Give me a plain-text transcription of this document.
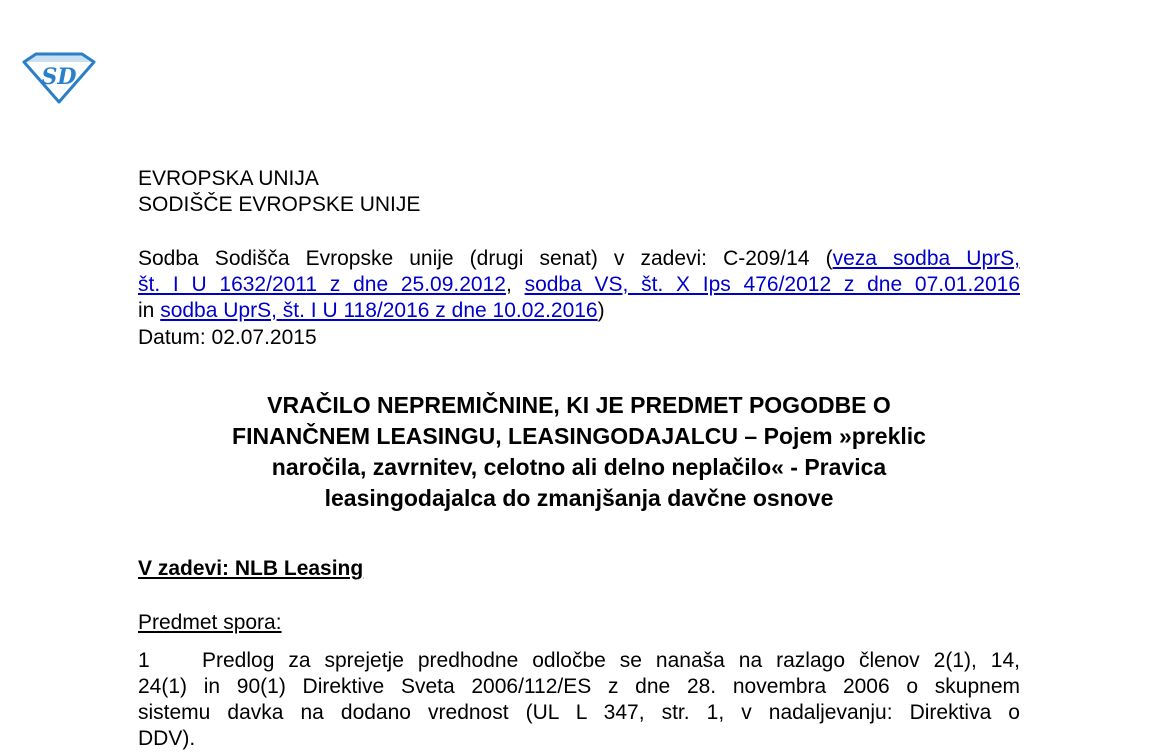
SD
EVROPSKA UNIJA
SODIŠČE EVROPSKE UNIJE
Sodba Sodišča Evropske unije (drugi senat) v zadevi: C-209/14 (veza sodba UprS,
št. I U 1632/2011 z dne 25.09.2012, sodba VS, št. X Ips 476/2012 z dne 07.01.2016
in sodba UprS, št. I U 118/2016 z dne 10.02.2016)
Datum: 02.07.2015
VRAČILO NEPREMIČNINE, KI JE PREDMET POGODBE O
FINANČNEM LEASINGU, LEASINGODAJALCU – Pojem »preklic
naročila, zavrnitev, celotno ali delno neplačilo« - Pravica
leasingodajalca do zmanjšanja davčne osnove
V zadevi: NLB Leasing
Predmet spora:
1 Predlog za sprejetje predhodne odločbe se nanaša na razlago členov 2(1), 14,
24(1) in 90(1) Direktive Sveta 2006/112/ES z dne 28. novembra 2006 o skupnem
sistemu davka na dodano vrednost (UL L 347, str. 1, v nadaljevanju: Direktiva o
DDV).
